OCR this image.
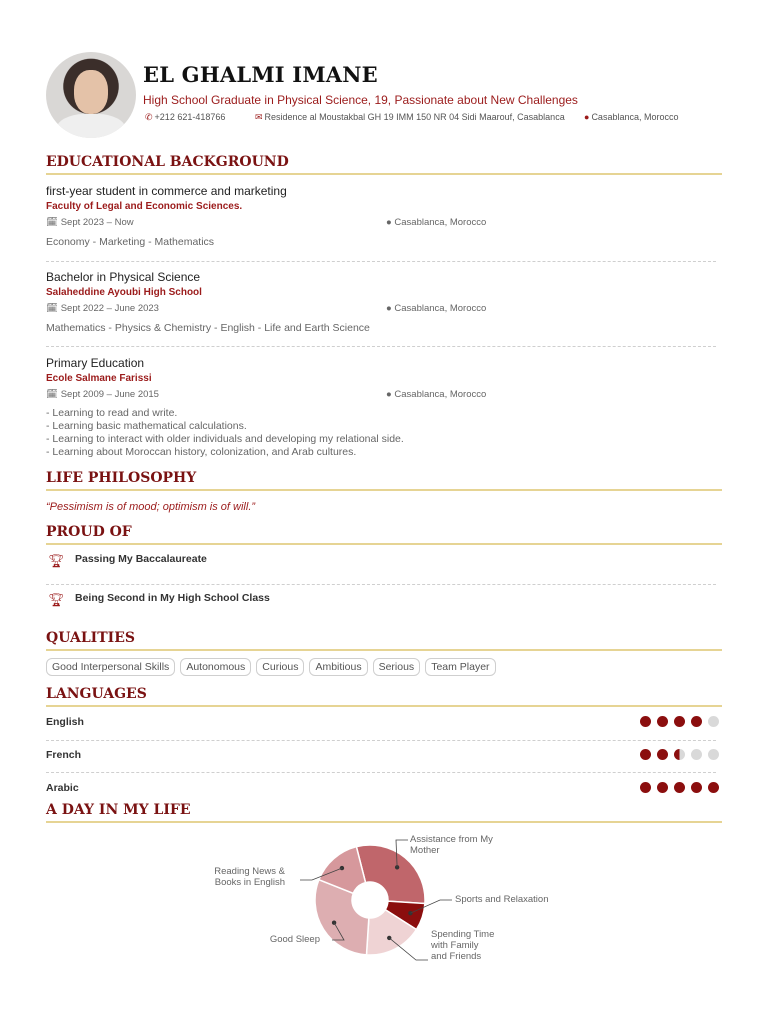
EL GHALMI IMANE
High School Graduate in Physical Science, 19, Passionate about New Challenges
✆ +212 621-418766	✉ Residence al Moustakbal GH 19 IMM 150 NR 04 Sidi Maarouf, Casablanca ● Casablanca, Morocco
EDUCATIONAL BACKGROUND
first-year student in commerce and marketing
Faculty of Legal and Economic Sciences.
🗓︎ Sept 2023 – Now	● Casablanca, Morocco
Economy - Marketing - Mathematics
Bachelor in Physical Science
Salaheddine Ayoubi High School
🗓︎ Sept 2022 – June 2023	● Casablanca, Morocco
Mathematics - Physics & Chemistry - English - Life and Earth Science
Primary Education
Ecole Salmane Farissi
🗓︎ Sept 2009 – June 2015	● Casablanca, Morocco
- Learning to read and write.
- Learning basic mathematical calculations.
- Learning to interact with older individuals and developing my relational side.
- Learning about Moroccan history, colonization, and Arab cultures.
LIFE PHILOSOPHY
“Pessimism is of mood; optimism is of will.”
PROUD OF
🏆︎ Passing My Baccalaureate
🏆︎ Being Second in My High School Class
QUALITIES
Good Interpersonal Skills	Autonomous	Curious	Ambitious	Serious	Team Player
LANGUAGES
English
French
Arabic
A DAY IN MY LIFE
Assistance from My
Mother
Sports and Relaxation
Spending Time
with Family
and Friends
Good Sleep
Reading News &
Books in English
